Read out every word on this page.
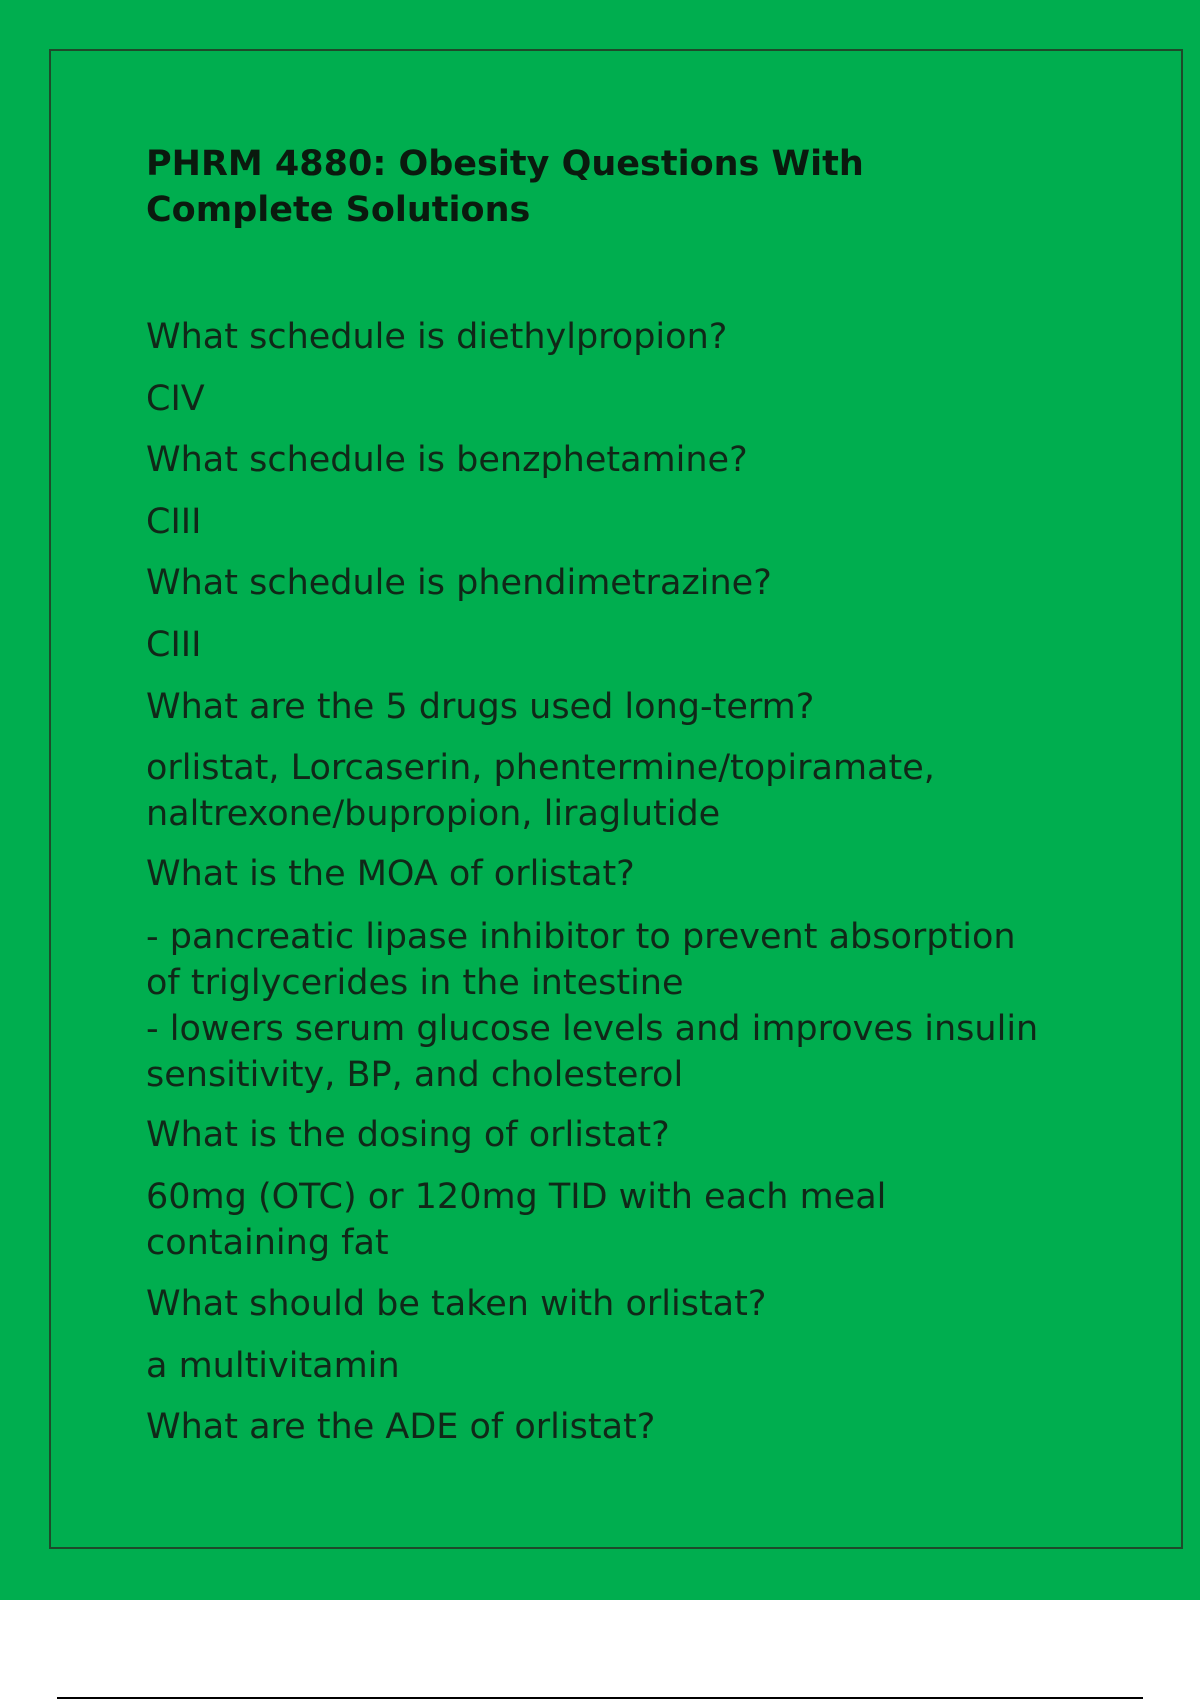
PHRM 4880: Obesity Questions With Complete Solutions

What schedule is diethylpropion?

CIV

What schedule is benzphetamine?

CIII

What schedule is phendimetrazine?

CIII

What are the 5 drugs used long-term?

orlistat, Lorcaserin, phentermine/topiramate,
naltrexone/bupropion, liraglutide

What is the MOA of orlistat?

- pancreatic lipase inhibitor to prevent absorption
of triglycerides in the intestine
- lowers serum glucose levels and improves insulin
sensitivity, BP, and cholesterol

What is the dosing of orlistat?

60mg (OTC) or 120mg TID with each meal
containing fat

What should be taken with orlistat?

a multivitamin

What are the ADE of orlistat?
